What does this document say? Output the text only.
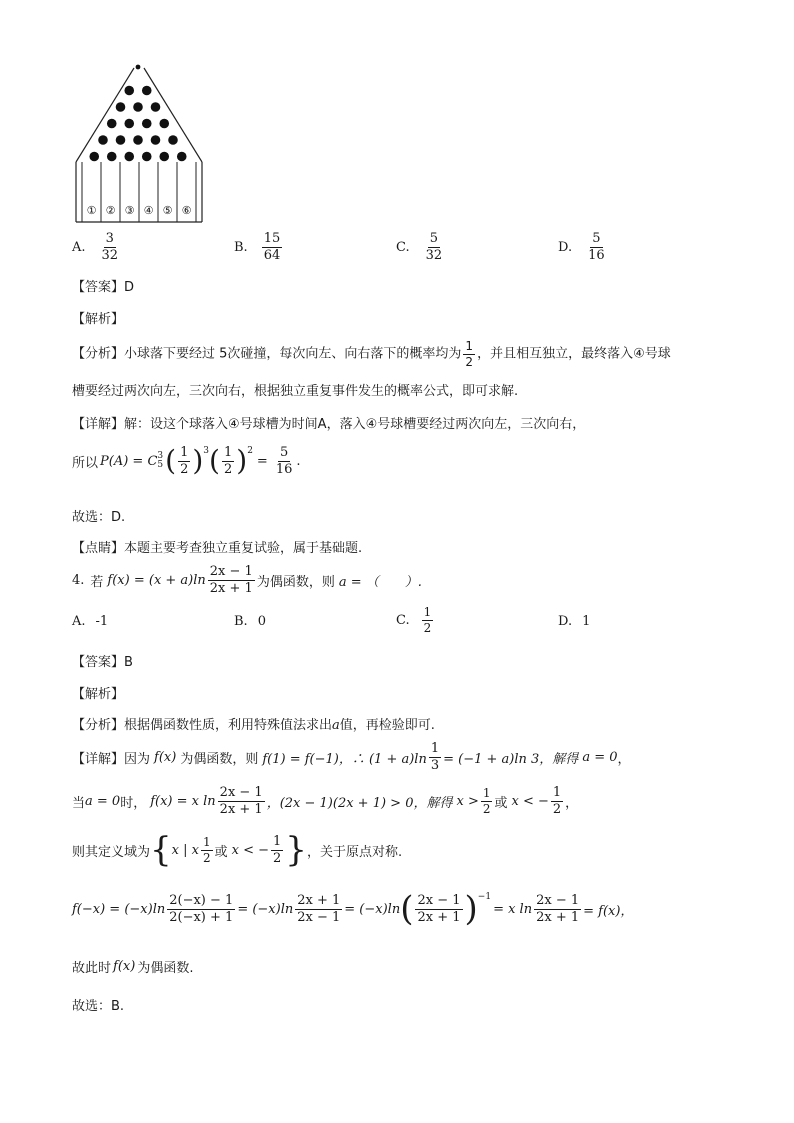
① ② ③ ④ ⑤ ⑥
A. $\frac{3}{32}$	B. $\frac{15}{64}$	C. $\frac{5}{32}$	D. $\frac{5}{16}$
【答案】D
【解析】
【分析】小球落下要经过 5次碰撞，每次向左、向右落下的概率均为 $\frac{1}{2}$ ，并且相互独立，最终落入④号球
槽要经过两次向左，三次向右，根据独立重复事件发生的概率公式，即可求解.
【详解】解：设这个球落入④号球槽为时间A，落入④号球槽要经过两次向左，三次向右，
所以 P(A) = C 3
5 ( $\frac{1}{2} )^3$ ( $\frac{1}{2} )^2$
= $\frac{5}{16}$ .
故选：D.
【点睛】本题主要考查独立重复试验，属于基础题.
4. 若 $f(x) = (x + a)\ln \frac{2x - 1}{2x + 1}$ 为偶函数，则 a = （　　）.
A. -1	B. 0	C. $\frac{1}{2}$	D. 1
【答案】B
【解析】
【分析】根据偶函数性质，利用特殊值法求出a值，再检验即可.
【详解】 因为 f(x) 为偶函数，则 f(1) = f(−1)，∴ $(1 + a)\ln \frac{1}{3} = (-1 + a)\ln$ 3，解得 a = 0 ，
当 a = 0 时， f(x) = x $\ln \frac{2x - 1}{2x + 1}$ ，(2x − 1)(2x + 1) > 0，解得 $x > \frac{1}{2}$ 或 x < − $\frac{1}{2}$ ，
则其定义域为 { x | x $\frac{1}{2}$ 或 x < − $\frac{1}{2}$ } ，关于原点对称.
$f(-x) = (-x)\ln \frac{2(-x) - 1}{2(-x) + 1} = (-x)\ln \frac{2x + 1}{2x - 1} = (-x)\ln$ ( $\frac{2x - 1}{2x + 1} )^{-1}$
= x $\ln \frac{2x - 1}{2x + 1} = f(x)$，
故此时 f(x) 为偶函数.
故选：B.
